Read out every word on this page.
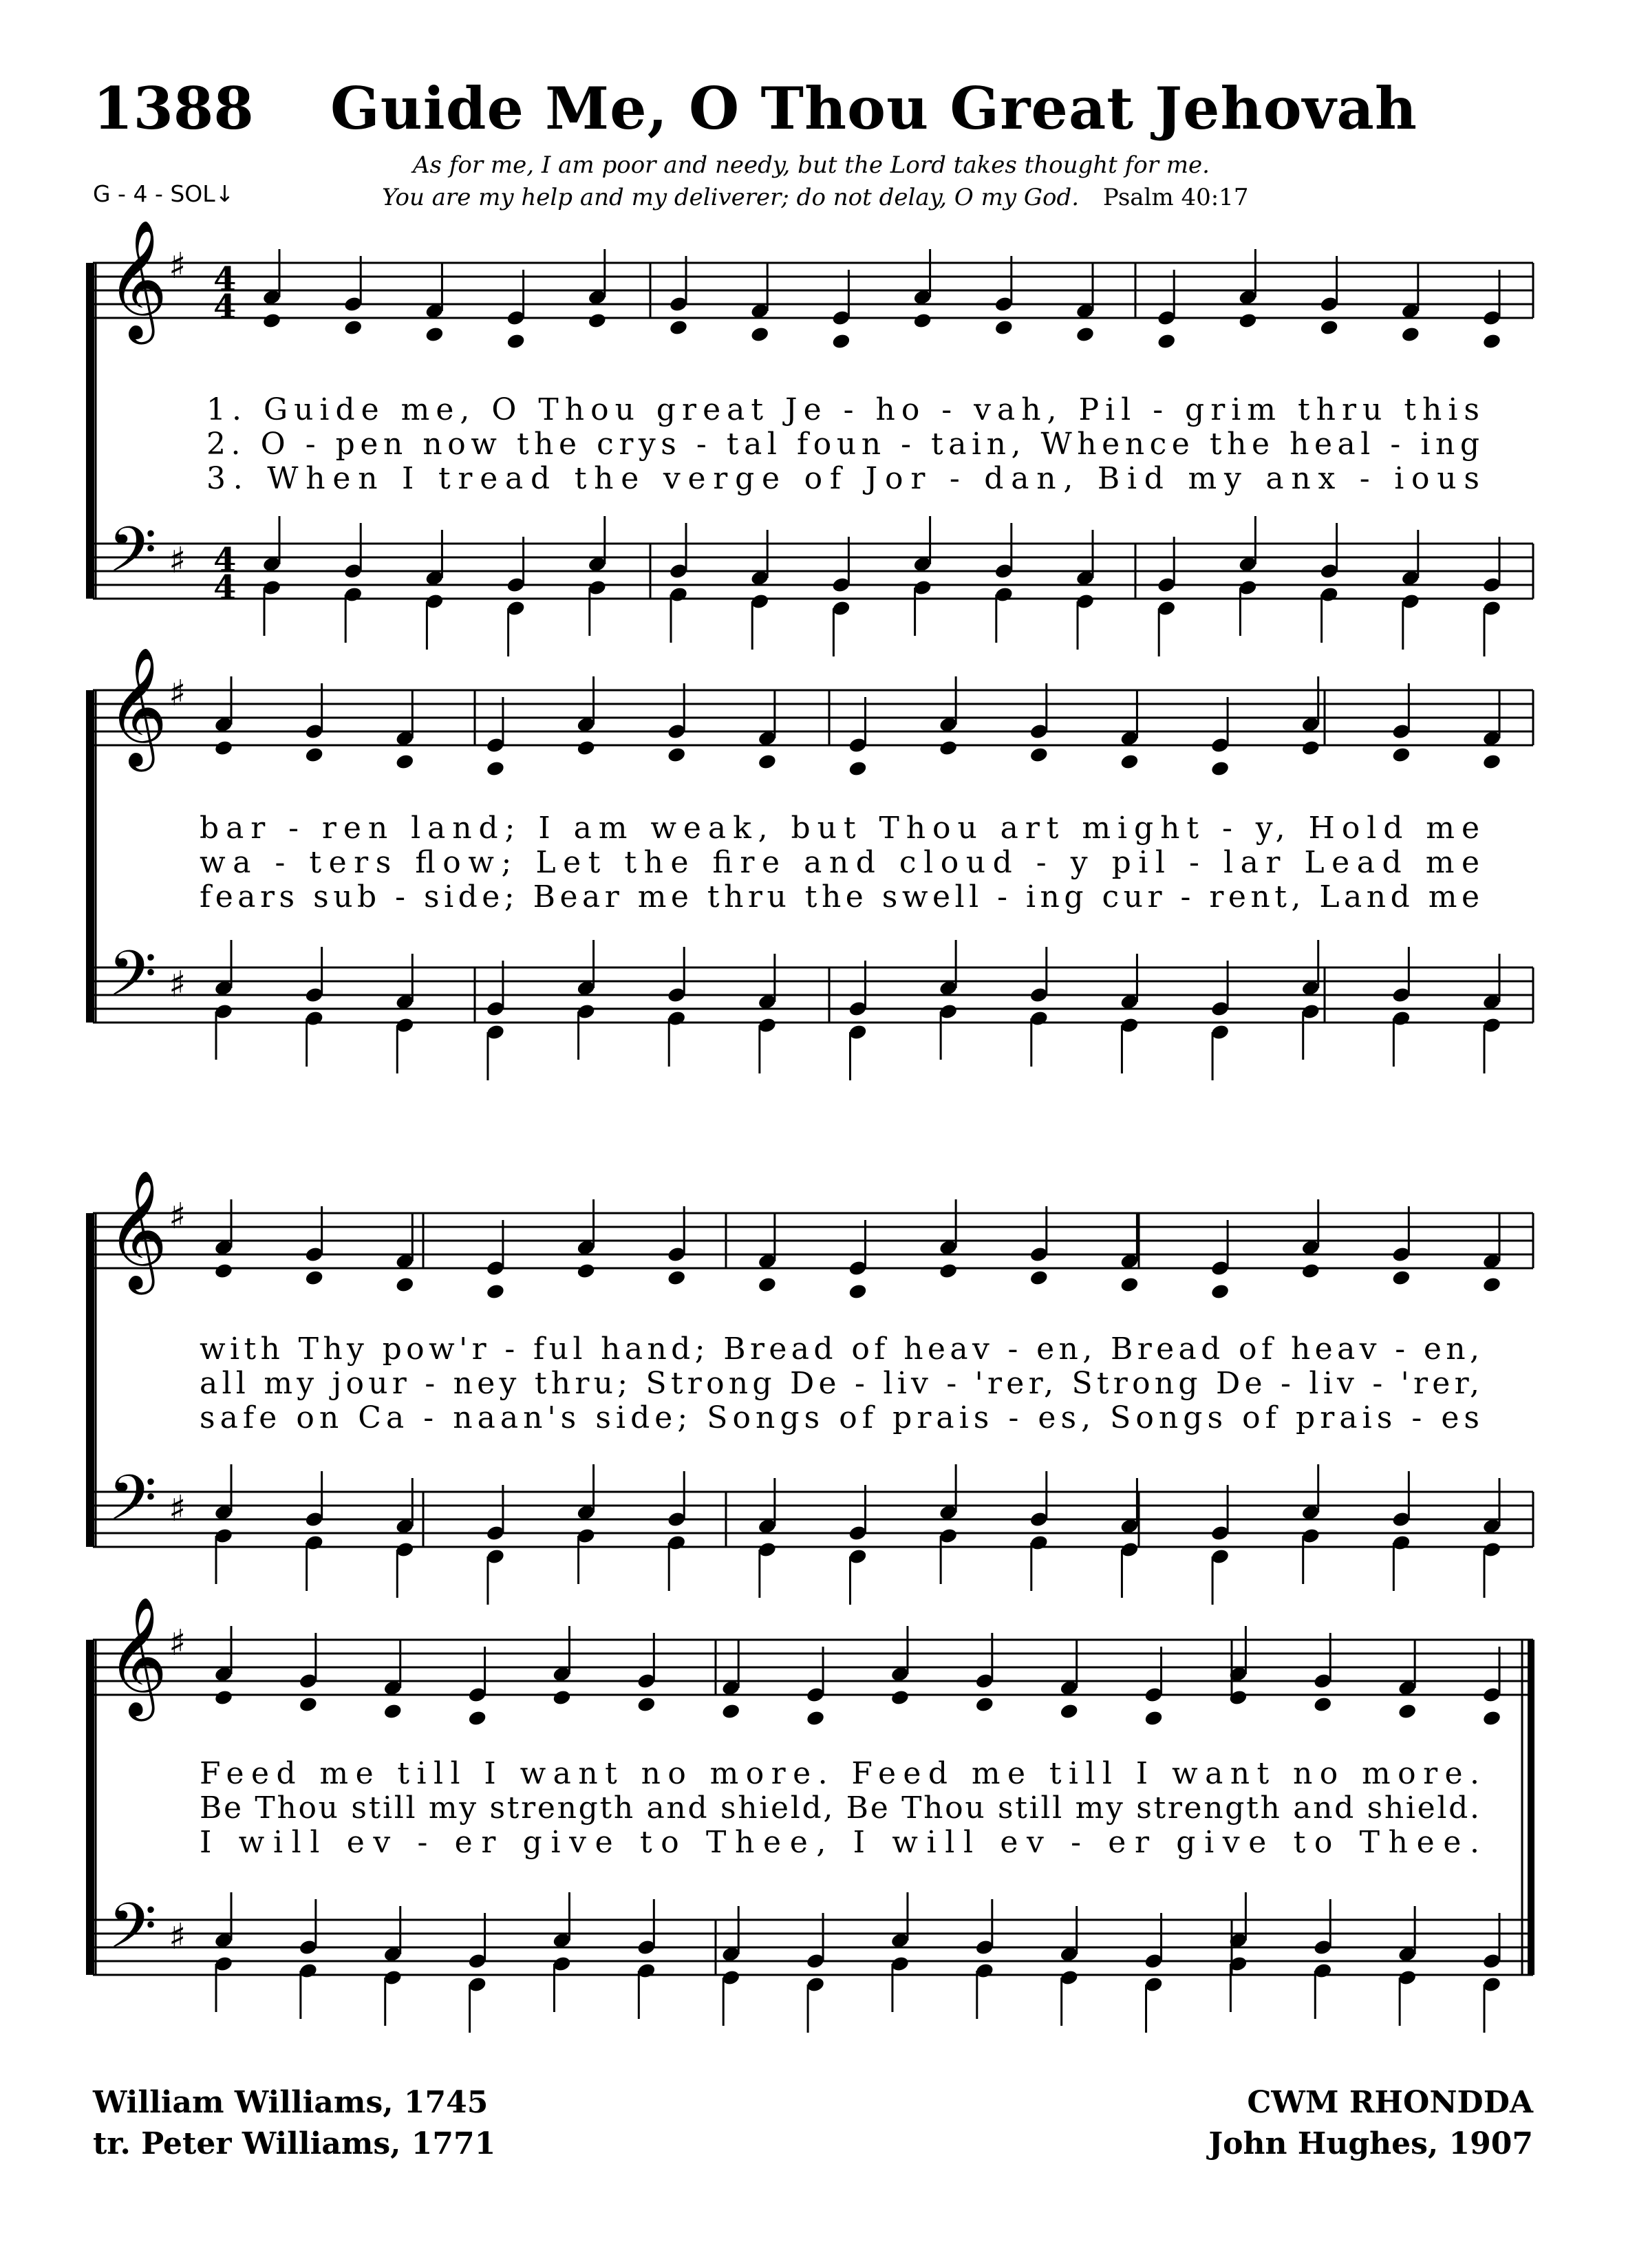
1388 Guide Me, O Thou Great Jehovah
G - 4 - SOL↓
As for me, I am poor and needy, but the Lord takes thought for me.
You are my help and my deliverer; do not delay, O my God. Psalm 40:17
𝄞
𝄢
♯
♯
4
4
4
4
1. Guide me, O Thou great Je - ho - vah, Pil - grim thru this
2. O - pen now the crys - tal foun - tain, Whence the heal - ing
3. When I tread the verge of Jor - dan, Bid my anx - ious
𝄞
𝄢
♯
♯
bar - ren land; I am weak, but Thou art might - y, Hold me
wa - ters flow; Let the fire and cloud - y pil - lar Lead me
fears sub - side; Bear me thru the swell - ing cur - rent, Land me
𝄞
𝄢
♯
♯
with Thy pow'r - ful hand; Bread of heav - en, Bread of heav - en,
all my jour - ney thru; Strong De - liv - 'rer, Strong De - liv - 'rer,
safe on Ca - naan's side; Songs of prais - es, Songs of prais - es
𝄞
𝄢
♯
♯
Feed me till I want no more. Feed me till I want no more.
Be Thou still my strength and shield, Be Thou still my strength and shield.
I will ev - er give to Thee, I will ev - er give to Thee.
William Williams, 1745
tr. Peter Williams, 1771
CWM RHONDDA
John Hughes, 1907
